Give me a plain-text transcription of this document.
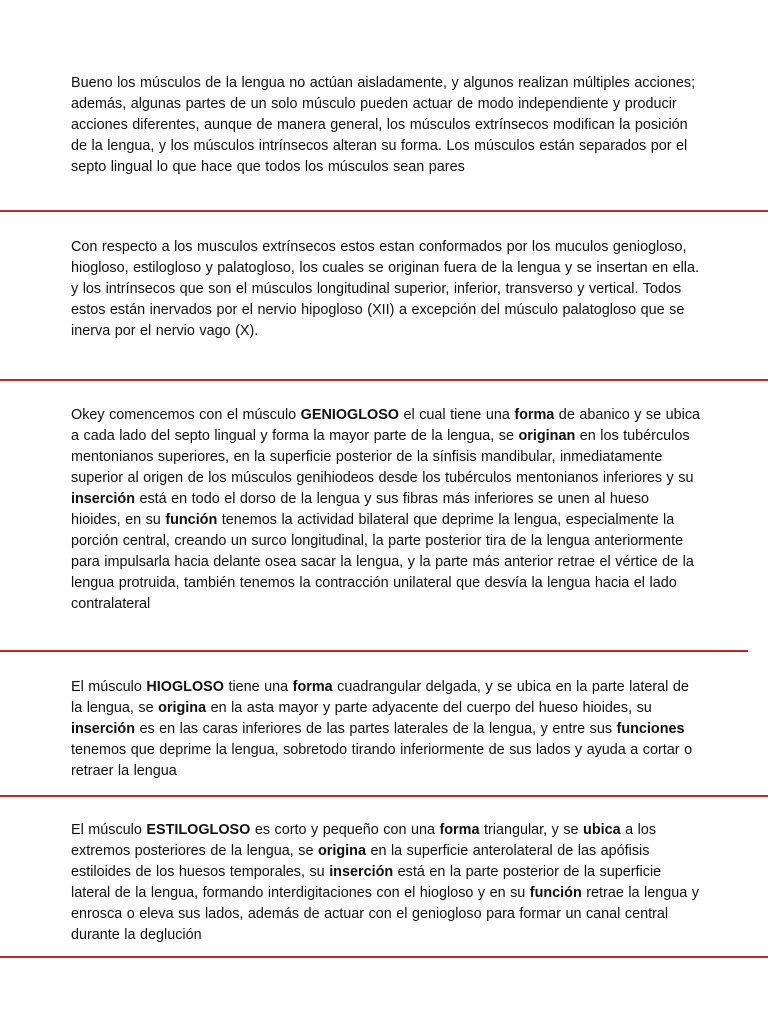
Bueno los músculos de la lengua no actúan aisladamente, y algunos realizan múltiples acciones; además, algunas partes de un solo músculo pueden actuar de modo independiente y producir acciones diferentes, aunque de manera general, los músculos extrínsecos modifican la posición de la lengua, y los músculos intrínsecos alteran su forma. Los músculos están separados por el septo lingual lo que hace que todos los músculos sean pares

Con respecto a los musculos extrínsecos estos estan conformados por los muculos geniogloso, hiogloso, estilogloso y palatogloso, los cuales se originan fuera de la lengua y se insertan en ella. y los intrínsecos que son el músculos longitudinal superior, inferior, transverso y vertical. Todos estos están inervados por el nervio hipogloso (XII) a excepción del músculo palatogloso que se inerva por el nervio vago (X).

Okey comencemos con el músculo GENIOGLOSO el cual tiene una forma de abanico y se ubica a cada lado del septo lingual y forma la mayor parte de la lengua, se originan en los tubérculos mentonianos superiores, en la superficie posterior de la sínfisis mandibular, inmediatamente superior al origen de los músculos genihiodeos desde los tubérculos mentonianos inferiores y su inserción está en todo el dorso de la lengua y sus fibras más inferiores se unen al hueso hioides, en su función tenemos la actividad bilateral que deprime la lengua, especialmente la porción central, creando un surco longitudinal, la parte posterior tira de la lengua anteriormente para impulsarla hacia delante osea sacar la lengua, y la parte más anterior retrae el vértice de la lengua protruida, también tenemos la contracción unilateral que desvía la lengua hacia el lado contralateral

El músculo HIOGLOSO tiene una forma cuadrangular delgada, y se ubica en la parte lateral de la lengua, se origina en la asta mayor y parte adyacente del cuerpo del hueso hioides, su inserción es en las caras inferiores de las partes laterales de la lengua, y entre sus funciones tenemos que deprime la lengua, sobretodo tirando inferiormente de sus lados y ayuda a cortar o retraer la lengua

El músculo ESTILOGLOSO es corto y pequeño con una forma triangular, y se ubica a los extremos posteriores de la lengua, se origina en la superficie anterolateral de las apófisis estiloides de los huesos temporales, su inserción está en la parte posterior de la superficie lateral de la lengua, formando interdigitaciones con el hiogloso y en su función retrae la lengua y enrosca o eleva sus lados, además de actuar con el geniogloso para formar un canal central durante la deglución
